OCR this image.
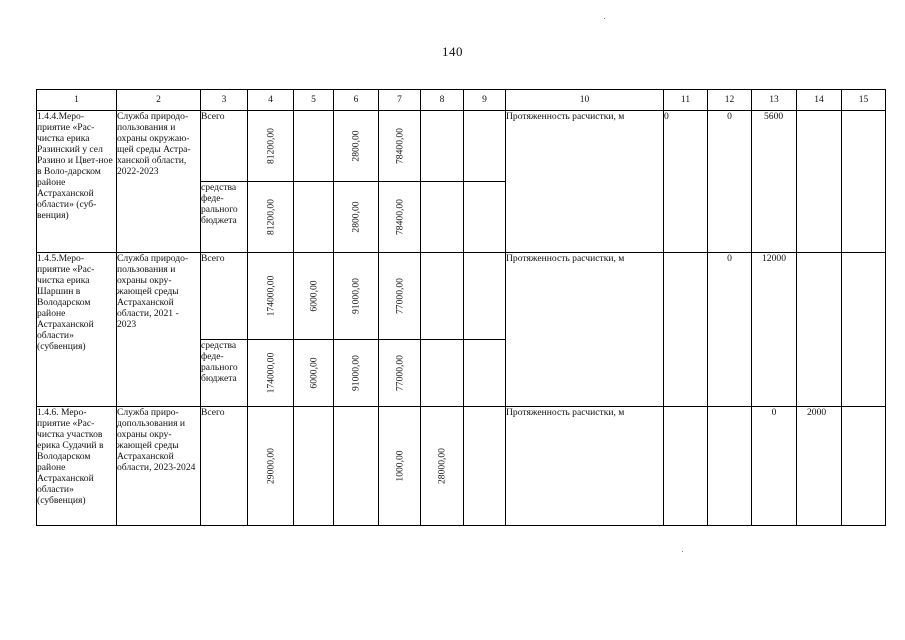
140
1	2	3	4	5	6	7	8	9	10	11	12	13	14	15
1.4.4.Меро-приятие «Рас-чистка ерика Разинский у сел Разино и Цвет-ное в Воло-дарском районе Астраханской области» (суб-венция)	Служба природо-пользования и охраны окружаю-щей среды Астра-ханской области, 2022-2023	Всего	81200,00		2800,00	78400,00			Протяженность расчистки, м	0	0	5600		
		средства феде-рального бюджета	81200,00		2800,00	78400,00								

1.4.5.Меро-приятие «Рас-чистка ерика Шаршин в Володарском районе Астраханской области» (субвенция)	Служба природо-пользования и охраны окру-жающей среды Астраханской области, 2021 - 2023	Всего	174000,00	6000,00	91000,00	77000,00			Протяженность расчистки, м		0	12000		
		средства феде-рального бюджета	174000,00	6000,00	91000,00	77000,00								

1.4.6. Меро-приятие «Рас-чистка участков ерика Судачий в Володарском районе Астраханской области» (субвенция)	Служба приро-допользования и охраны окру-жающей среды Астраханской области, 2023-2024	Всего	29000,00			1000,00	28000,00		Протяженность расчистки, м			0	2000	
